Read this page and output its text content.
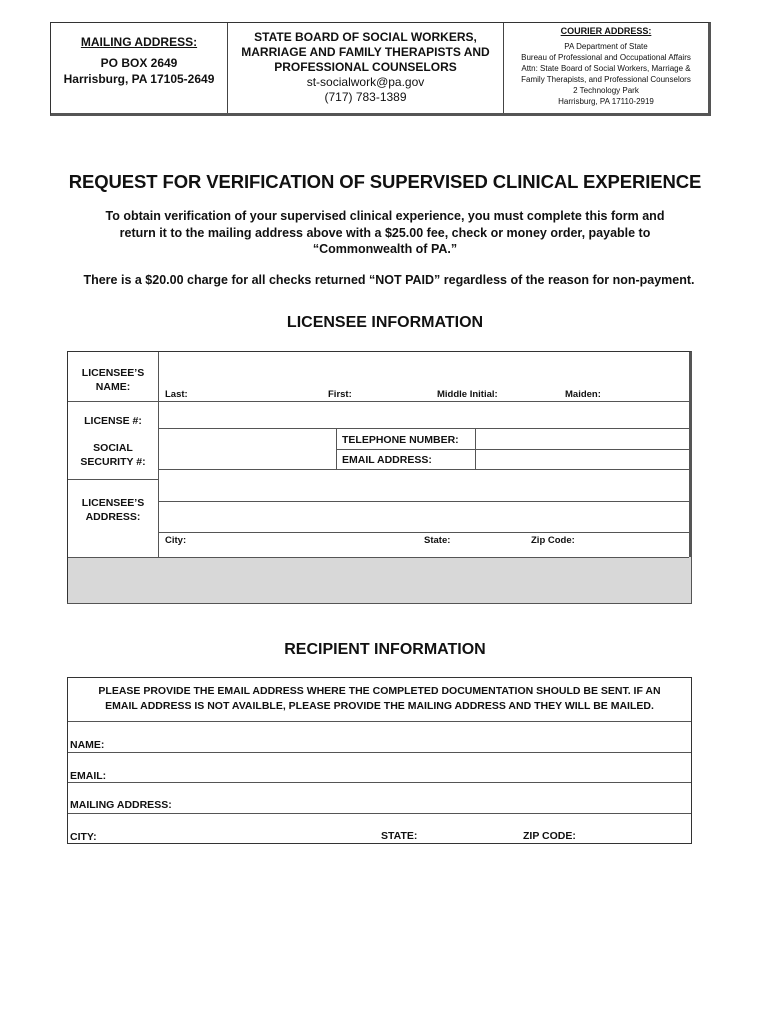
MAILING ADDRESS:
PO BOX 2649
Harrisburg, PA 17105-2649
STATE BOARD OF SOCIAL WORKERS,
MARRIAGE AND FAMILY THERAPISTS AND
PROFESSIONAL COUNSELORS
st-socialwork@pa.gov
(717) 783-1389
COURIER ADDRESS:
PA Department of State
Bureau of Professional and Occupational Affairs
Attn: State Board of Social Workers, Marriage &
Family Therapists, and Professional Counselors
2 Technology Park
Harrisburg, PA 17110-2919
REQUEST FOR VERIFICATION OF SUPERVISED CLINICAL EXPERIENCE
To obtain verification of your supervised clinical experience, you must complete this form and
return it to the mailing address above with a $25.00 fee, check or money order, payable to
“Commonwealth of PA.”
There is a $20.00 charge for all checks returned “NOT PAID” regardless of the reason for non-payment.
LICENSEE INFORMATION
LICENSEE’S
NAME:
Last:	First:	Middle Initial:	Maiden:
LICENSE #:
SOCIAL
SECURITY #:
TELEPHONE NUMBER:
EMAIL ADDRESS:
LICENSEE’S
ADDRESS:
City:	State:	Zip Code:
RECIPIENT INFORMATION
PLEASE PROVIDE THE EMAIL ADDRESS WHERE THE COMPLETED DOCUMENTATION SHOULD BE SENT. IF AN
EMAIL ADDRESS IS NOT AVAILBLE, PLEASE PROVIDE THE MAILING ADDRESS AND THEY WILL BE MAILED.
NAME:
EMAIL:
MAILING ADDRESS:
CITY:	STATE:	ZIP CODE:
